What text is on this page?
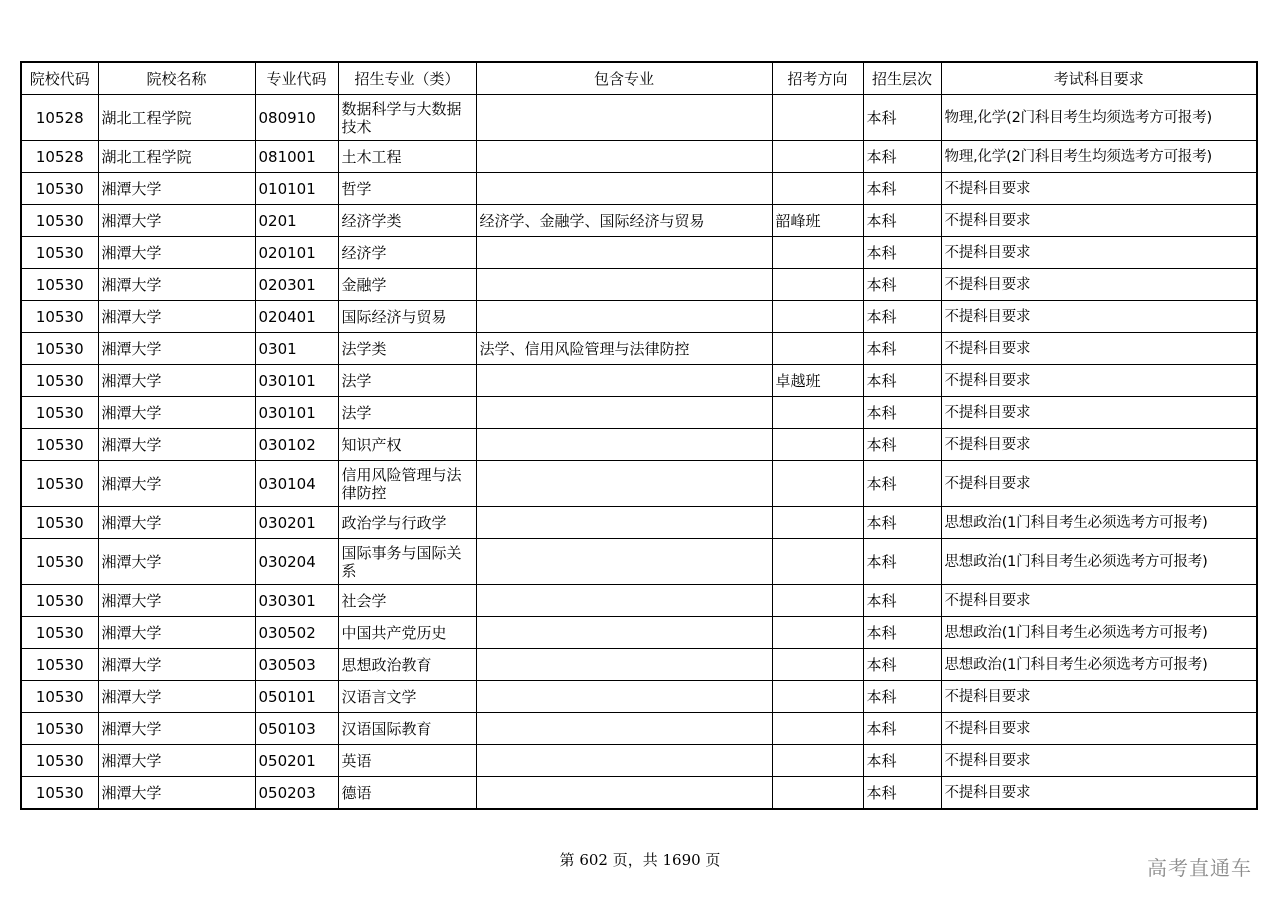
院校代码	院校名称	专业代码	招生专业（类）	包含专业	招考方向	招生层次	考试科目要求
10528	湖北工程学院	080910	数据科学与大数据技术			本科	物理,化学(2门科目考生均须选考方可报考)
10528	湖北工程学院	081001	土木工程			本科	物理,化学(2门科目考生均须选考方可报考)
10530	湘潭大学	010101	哲学			本科	不提科目要求
10530	湘潭大学	0201	经济学类	经济学、金融学、国际经济与贸易	韶峰班	本科	不提科目要求
10530	湘潭大学	020101	经济学			本科	不提科目要求
10530	湘潭大学	020301	金融学			本科	不提科目要求
10530	湘潭大学	020401	国际经济与贸易			本科	不提科目要求
10530	湘潭大学	0301	法学类	法学、信用风险管理与法律防控		本科	不提科目要求
10530	湘潭大学	030101	法学		卓越班	本科	不提科目要求
10530	湘潭大学	030101	法学			本科	不提科目要求
10530	湘潭大学	030102	知识产权			本科	不提科目要求
10530	湘潭大学	030104	信用风险管理与法律防控			本科	不提科目要求
10530	湘潭大学	030201	政治学与行政学			本科	思想政治(1门科目考生必须选考方可报考)
10530	湘潭大学	030204	国际事务与国际关系			本科	思想政治(1门科目考生必须选考方可报考)
10530	湘潭大学	030301	社会学			本科	不提科目要求
10530	湘潭大学	030502	中国共产党历史			本科	思想政治(1门科目考生必须选考方可报考)
10530	湘潭大学	030503	思想政治教育			本科	思想政治(1门科目考生必须选考方可报考)
10530	湘潭大学	050101	汉语言文学			本科	不提科目要求
10530	湘潭大学	050103	汉语国际教育			本科	不提科目要求
10530	湘潭大学	050201	英语			本科	不提科目要求
10530	湘潭大学	050203	德语			本科	不提科目要求
第 602 页，共 1690 页	高考直通车
